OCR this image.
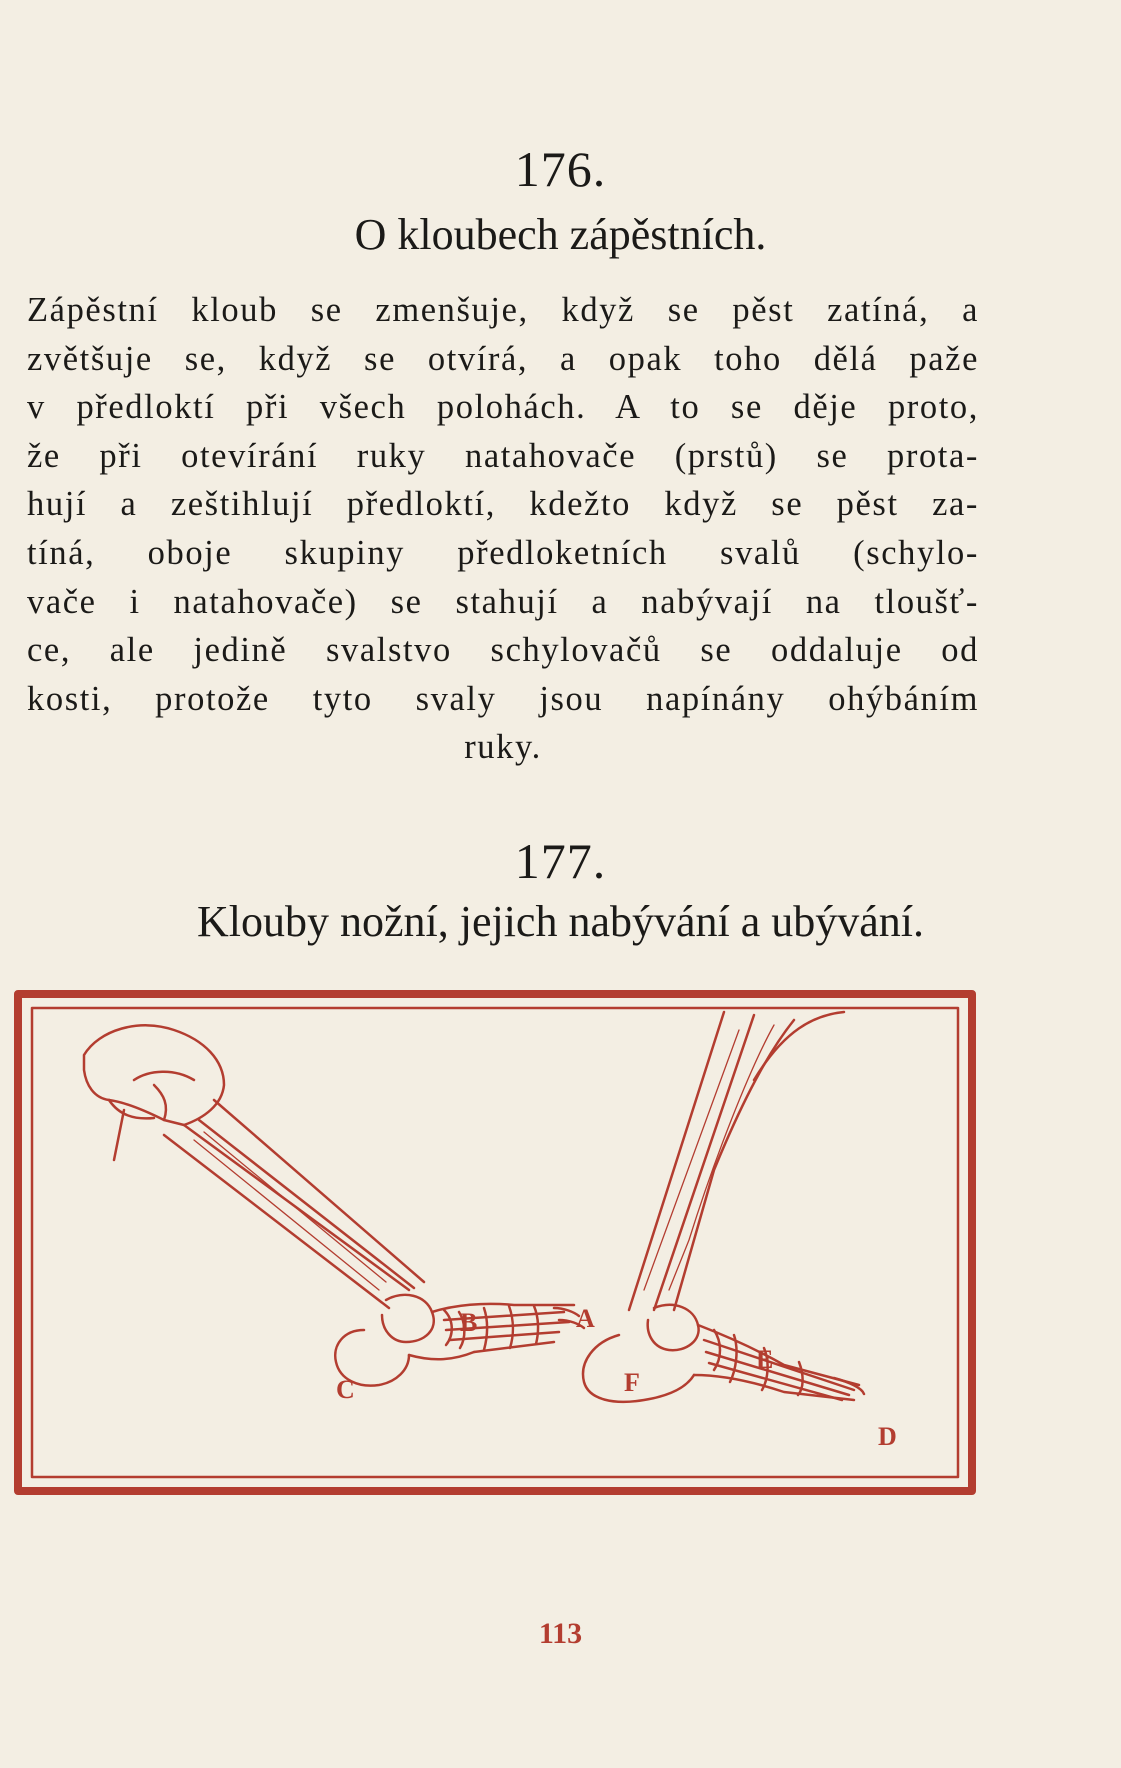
176.
O kloubech zápěstních.
Zápěstní kloub se zmenšuje, když se pěst zatíná, a
zvětšuje se, když se otvírá, a opak toho dělá paže
v předloktí při všech polohách. A to se děje proto,
že při otevírání ruky natahovače (prstů) se prota-
hují a zeštihlují předloktí, kdežto když se pěst za-
tíná, oboje skupiny předloketních svalů (schylo-
vače i natahovače) se stahují a nabývají na tloušť-
ce, ale jedině svalstvo schylovačů se oddaluje od
kosti, protože tyto svaly jsou napínány ohýbáním
ruky.
177.
Klouby nožní, jejich nabývání a ubývání.
B	A
C	F
E
D
113
